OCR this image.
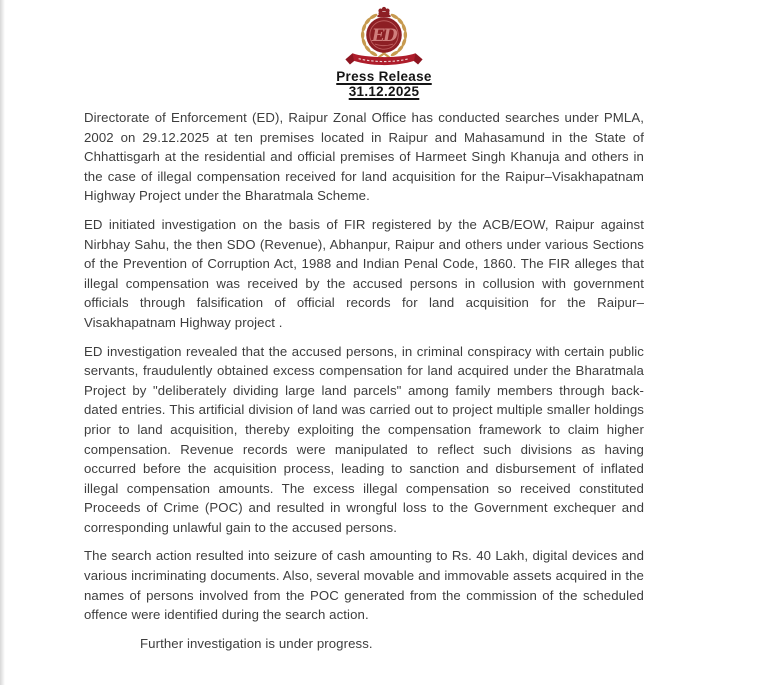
ED
Press Release
31.12.2025

Directorate of Enforcement (ED), Raipur Zonal Office has conducted searches under PMLA, 2002 on 29.12.2025 at ten premises located in Raipur and Mahasamund in the State of Chhattisgarh at the residential and official premises of Harmeet Singh Khanuja and others in the case of illegal compensation received for land acquisition for the Raipur–Visakhapatnam Highway Project under the Bharatmala Scheme.

ED initiated investigation on the basis of FIR registered by the ACB/EOW, Raipur against Nirbhay Sahu, the then SDO (Revenue), Abhanpur, Raipur and others under various Sections of the Prevention of Corruption Act, 1988 and Indian Penal Code, 1860. The FIR alleges that illegal compensation was received by the accused persons in collusion with government officials through falsification of official records for land acquisition for the Raipur–Visakhapatnam Highway project .

ED investigation revealed that the accused persons, in criminal conspiracy with certain public servants, fraudulently obtained excess compensation for land acquired under the Bharatmala Project by "deliberately dividing large land parcels" among family members through back-dated entries. This artificial division of land was carried out to project multiple smaller holdings prior to land acquisition, thereby exploiting the compensation framework to claim higher compensation. Revenue records were manipulated to reflect such divisions as having occurred before the acquisition process, leading to sanction and disbursement of inflated illegal compensation amounts. The excess illegal compensation so received constituted Proceeds of Crime (POC) and resulted in wrongful loss to the Government exchequer and corresponding unlawful gain to the accused persons.

The search action resulted into seizure of cash amounting to Rs. 40 Lakh, digital devices and various incriminating documents. Also, several movable and immovable assets acquired in the names of persons involved from the POC generated from the commission of the scheduled offence were identified during the search action.

Further investigation is under progress.
